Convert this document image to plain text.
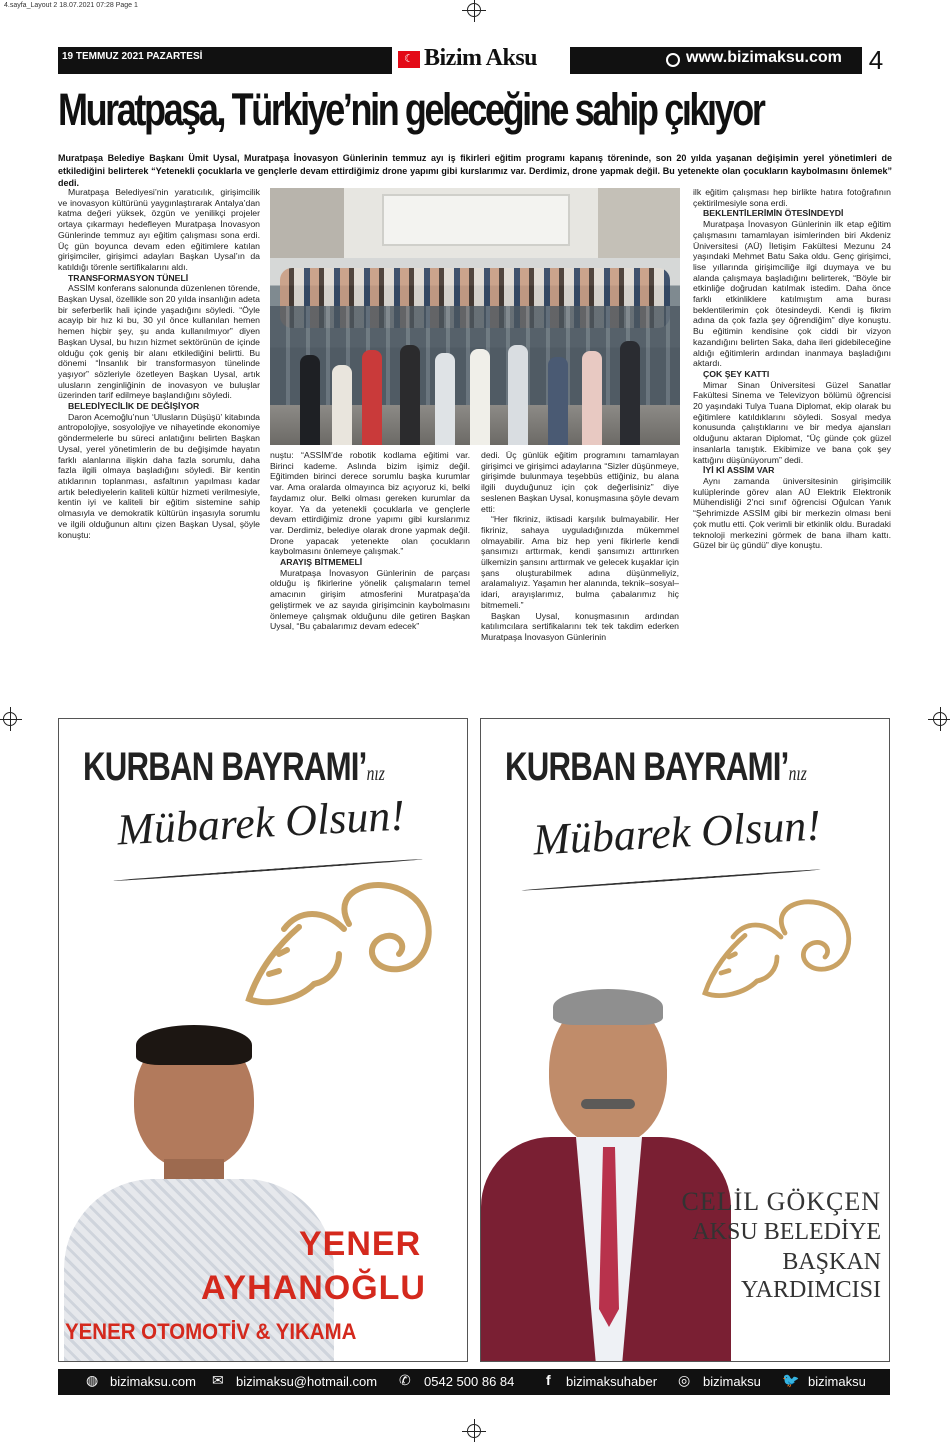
4.sayfa_Layout 2 18.07.2021 07:28 Page 1
19 TEMMUZ 2021 PAZARTESİ	☾ Bizim Aksu	www.bizimaksu.com 4
Muratpaşa, Türkiye’nin geleceğine sahip çıkıyor

Muratpaşa Belediye Başkanı Ümit Uysal, Muratpaşa İnovasyon Günlerinin temmuz ayı iş fikirleri eğitim programı kapanış töreninde, son 20 yılda yaşanan değişimin yerel yönetimleri de etkilediğini belirterek “Yetenekli çocuklarla ve gençlerle devam ettirdiğimiz drone yapımı gibi kurslarımız var. Derdimiz, drone yapmak değil. Bu yetenekte olan çocukların kaybolmasını önlemek” dedi.

Muratpaşa Belediyesi’nin yaratıcılık, girişimcilik ve inovasyon kültürünü yaygınlaştırarak Antalya’dan katma değeri yüksek, özgün ve yenilikçi projeler ortaya çıkarmayı hedefleyen Muratpaşa İnovasyon Günlerinde temmuz ayı eğitim çalışması sona erdi. Üç gün boyunca devam eden eğitimlere katılan girişimciler, girişimci adayları Başkan Uysal’ın da katıldığı törenle sertifikalarını aldı.

TRANSFORMASYON TÜNELİ

ASSİM konferans salonunda düzenlenen törende, Başkan Uysal, özellikle son 20 yılda insanlığın adeta bir seferberlik hali içinde yaşadığını söyledi. “Öyle acayip bir hız ki bu, 30 yıl önce kullanılan hemen hemen hiçbir şey, şu anda kullanılmıyor” diyen Başkan Uysal, bu hızın hizmet sektörünün de içinde olduğu çok geniş bir alanı etkilediğini belirtti. Bu dönemi “İnsanlık bir transformasyon tünelinde yaşıyor” sözleriyle özetleyen Başkan Uysal, artık ulusların zenginliğinin de inovasyon ve buluşlar üzerinden tarif edilmeye başlandığını söyledi.

BELEDİYECİLİK DE DEĞİŞİYOR

Daron Acemoğlu’nun ‘Ulusların Düşüşü’ kitabında antropolojiye, sosyolojiye ve nihayetinde ekonomiye göndermelerle bu süreci anlatığını belirten Başkan Uysal, yerel yönetimlerin de bu değişimde hayatın farklı alanlarına ilişkin daha fazla sorumlu, daha fazla ilgili olmaya başladığını söyledi. Bir kentin atıklarının toplanması, asfaltının yapılması kadar artık belediyelerin kaliteli kültür hizmeti verilmesiyle, kentin iyi ve kaliteli bir eğitim sistemine sahip olmasıyla ve demokratik kültürün inşasıyla sorumlu ve ilgili olduğunun altını çizen Başkan Uysal, şöyle konuştu:

nuştu: “ASSİM’de robotik kodlama eğitimi var. Birinci kademe. Aslında bizim işimiz değil. Eğitimden birinci derece sorumlu başka kurumlar var. Ama oralarda olmayınca biz açıyoruz ki, belki faydamız olur. Belki olması gereken kurumlar da koyar. Ya da yetenekli çocuklarla ve gençlerle devam ettirdiğimiz drone yapımı gibi kurslarımız var. Derdimiz, belediye olarak drone yapmak değil. Drone yapacak yetenekte olan çocukların kaybolmasını önlemeye çalışmak.”

ARAYIŞ BİTMEMELİ

Muratpaşa İnovasyon Günlerinin de parçası olduğu iş fikirlerine yönelik çalışmaların temel amacının girişim atmosferini Muratpaşa’da geliştirmek ve az sayıda girişimcinin kaybolmasını önlemeye çalışmak olduğunu dile getiren Başkan Uysal, “Bu çabalarımız devam edecek”

dedi. Üç günlük eğitim programını tamamlayan girişimci ve girişimci adaylarına “Sizler düşünmeye, girişimde bulunmaya teşebbüs ettiğiniz, bu alana ilgili duyduğunuz için çok değerlisiniz” diye seslenen Başkan Uysal, konuşmasına şöyle devam etti:

“Her fikriniz, iktisadi karşılık bulmayabilir. Her fikriniz, sahaya uyguladığınızda mükemmel olmayabilir. Ama biz hep yeni fikirlerle kendi şansımızı arttırmak, kendi şansımızı arttırırken ülkemizin şansını arttırmak ve gelecek kuşaklar için şans oluşturabilmek adına düşünmeliyiz, aralamalıyız. Yaşamın her alanında, teknik–sosyal–idari, arayışlarımız, bulma çabalarımız hiç bitmemeli.”

Başkan Uysal, konuşmasının ardından katılımcılara sertifikalarını tek tek takdim ederken Muratpaşa İnovasyon Günlerinin

ilk eğitim çalışması hep birlikte hatıra fotoğrafının çektirilmesiyle sona erdi.

BEKLENTİLERİMİN ÖTESİNDEYDİ

Muratpaşa İnovasyon Günlerinin ilk etap eğitim çalışmasını tamamlayan isimlerinden biri Akdeniz Üniversitesi (AÜ) İletişim Fakültesi Mezunu 24 yaşındaki Mehmet Batu Saka oldu. Genç girişimci, lise yıllarında girişimciliğe ilgi duymaya ve bu alanda çalışmaya başladığını belirterek, “Böyle bir etkinliğe doğrudan katılmak istedim. Daha önce farklı etkinliklere katılmıştım ama burası beklentilerimin çok ötesindeydi. Kendi iş fikrim adına da çok fazla şey öğrendiğim” diye konuştu. Bu eğitimin kendisine çok ciddi bir vizyon kazandığını belirten Saka, daha ileri gidebileceğine aldığı eğitimlerin ardından inanmaya başladığını aktardı.

ÇOK ŞEY KATTI

Mimar Sinan Üniversitesi Güzel Sanatlar Fakültesi Sinema ve Televizyon bölümü öğrencisi 20 yaşındaki Tulya Tuana Diplomat, ekip olarak bu eğitimlere katıldıklarını söyledi. Sosyal medya konusunda çalıştıklarını ve bir medya ajansları olduğunu aktaran Diplomat, “Üç günde çok güzel insanlarla tanıştık. Ekibimize ve bana çok şey kattığını düşünüyorum” dedi.

İYİ Kİ ASSİM VAR

Aynı zamanda üniversitesinin girişimcilik kulüplerinde görev alan AÜ Elektrik Elektronik Mühendisliği 2’nci sınıf öğrencisi Oğulcan Yanık “Şehrimizde ASSİM gibi bir merkezin olması beni çok mutlu etti. Çok verimli bir etkinlik oldu. Buradaki teknoloji merkezini görmek de bana ilham kattı. Güzel bir üç gündü” diye konuştu.

KURBAN BAYRAMI’nız
Mübarek Olsun!
YENER
AYHANOĞLU
YENER OTOMOTİV & YIKAMA
KURBAN BAYRAMI’nız
Mübarek Olsun!
CELİL GÖKÇEN
AKSU BELEDİYE
BAŞKAN
YARDIMCISI
◍ bizimaksu.com ✉ bizimaksu@hotmail.com ✆ 0542 500 86 84 f bizimaksuhaber ◎ bizimaksu 🐦 bizimaksu
